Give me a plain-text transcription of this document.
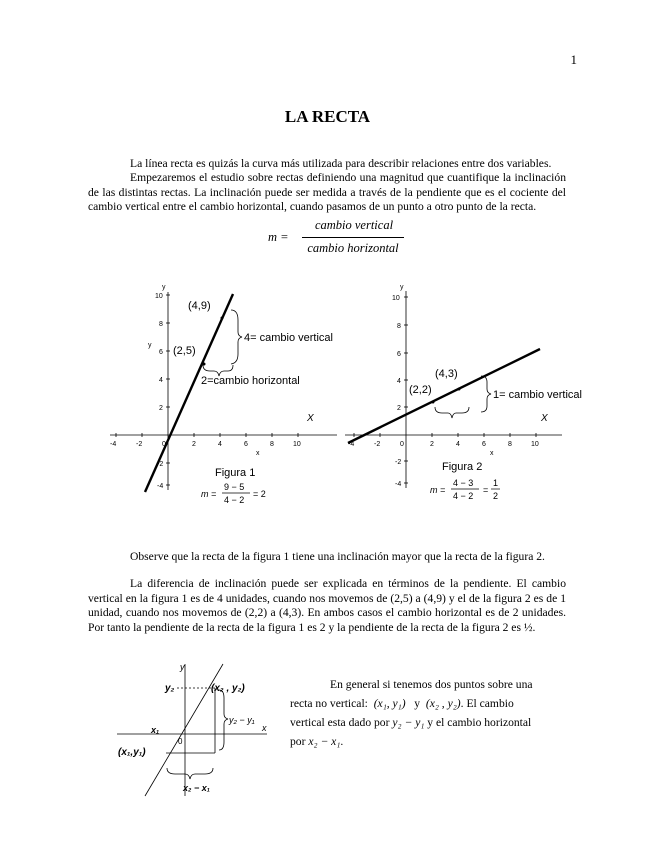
1
LA RECTA

La línea recta es quizás la curva más utilizada para describir relaciones entre dos variables.

Empezaremos el estudio sobre rectas definiendo una magnitud que cuantifique la inclinación de las distintas rectas. La inclinación puede ser medida a través de la pendiente que es el cociente del cambio vertical entre el cambio horizontal, cuando pasamos de un punto a otro punto de la recta.

m =
cambio vertical
cambio horizontal
-4	-2	0	2	4	6	8	10
10
8
6
4
2
-2
-4
y
y
x
X
(4,9)
(2,5)
4= cambio vertical
2=cambio horizontal
Figura 1
m =
9 − 5
4 − 2
= 2
-4	-2	0	2	4	6	8	10
10
8
6
4
2
-2
-4
y
x
X
(4,3)
(2,2)	1= cambio vertical
Figura 2
m =
4 − 3
4 − 2
=
1
2

Observe que la recta de la figura 1 tiene una inclinación mayor que la recta de la figura 2.

La diferencia de inclinación puede ser explicada en términos de la pendiente. El cambio vertical en la figura 1 es de 4 unidades, cuando nos movemos de (2,5) a (4,9) y el de la figura 2 es de 1 unidad, cuando nos movemos de (2,2) a (4,3). En ambos casos el cambio horizontal es de 2 unidades. Por tanto la pendiente de la recta de la figura 1 es 2 y la pendiente de la recta de la figura 2 es ½.

y
x
y₂
x₁
0
(x₂ , y₂)
(x₁,y₁)
y₂ − y₁
x₂ − x₁
En general si tenemos dos puntos sobre una
recta no vertical: (x₁, y₁) y (x₂ , y₂). El cambio
vertical esta dado por y₂ − y₁ y el cambio horizontal
por x₂ − x₁.
